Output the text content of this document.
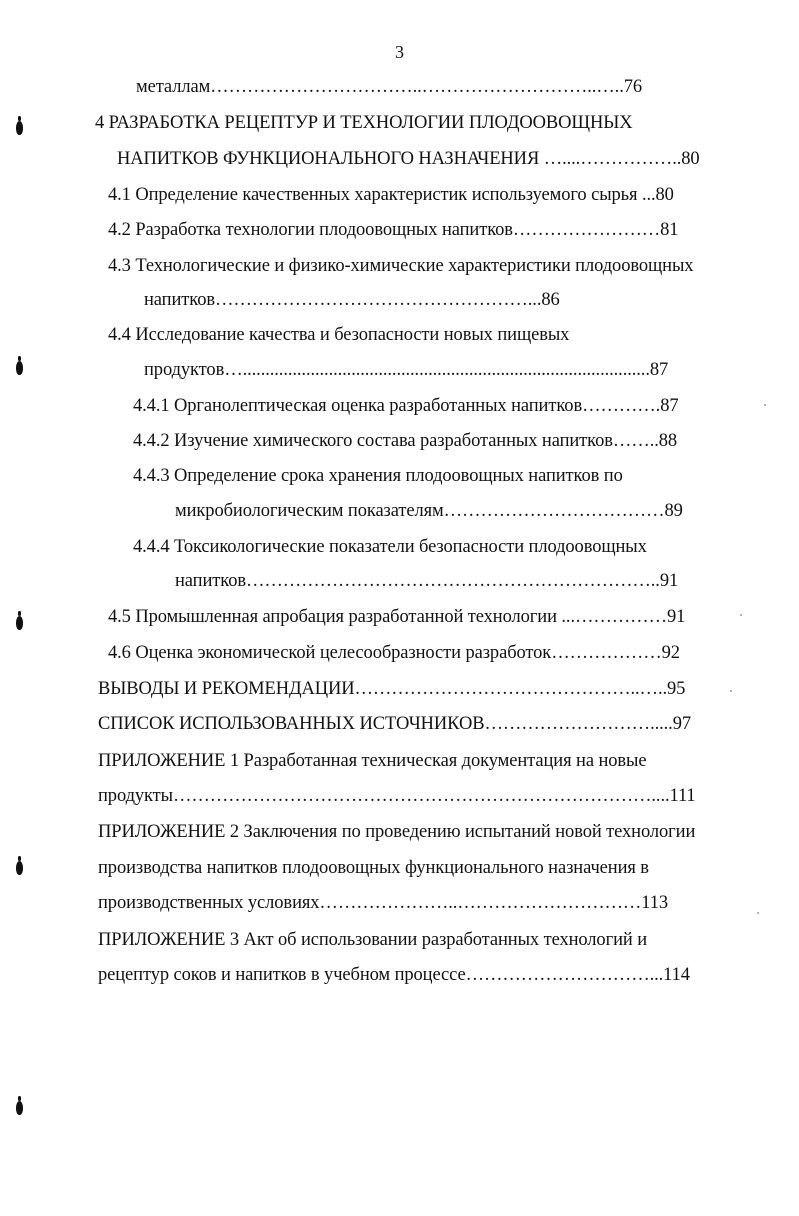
3
металлам……………………………..………………………..…..76
4 РАЗРАБОТКА РЕЦЕПТУР И ТЕХНОЛОГИИ ПЛОДООВОЩНЫХ
НАПИТКОВ ФУНКЦИОНАЛЬНОГО НАЗНАЧЕНИЯ …....……………..80
4.1 Определение качественных характеристик используемого сырья ...80
4.2 Разработка технологии плодоовощных напитков……………………81
4.3 Технологические и физико-химические характеристики плодоовощных
напитков……………………………………………...86
4.4 Исследование качества и безопасности новых пищевых
продуктов…..........................................................................................87
4.4.1 Органолептическая оценка разработанных напитков………….87
4.4.2 Изучение химического состава разработанных напитков……..88
4.4.3 Определение срока хранения плодоовощных напитков по
микробиологическим показателям………………………………89
4.4.4 Токсикологические показатели безопасности плодоовощных
напитков…………………………………………………………..91
4.5 Промышленная апробация разработанной технологии ...……………91
4.6 Оценка экономической целесообразности разработок………………92
ВЫВОДЫ И РЕКОМЕНДАЦИИ………………………………………..…..95
СПИСОК ИСПОЛЬЗОВАННЫХ ИСТОЧНИКОВ……………………….....97
ПРИЛОЖЕНИЕ 1 Разработанная техническая документация на новые
продукты……………………………………………………………………....111
ПРИЛОЖЕНИЕ 2 Заключения по проведению испытаний новой технологии
производства напитков плодоовощных функционального назначения в
производственных условиях…………………..…………………………113
ПРИЛОЖЕНИЕ 3 Акт об использовании разработанных технологий и
рецептур соков и напитков в учебном процессе…………………………...114
